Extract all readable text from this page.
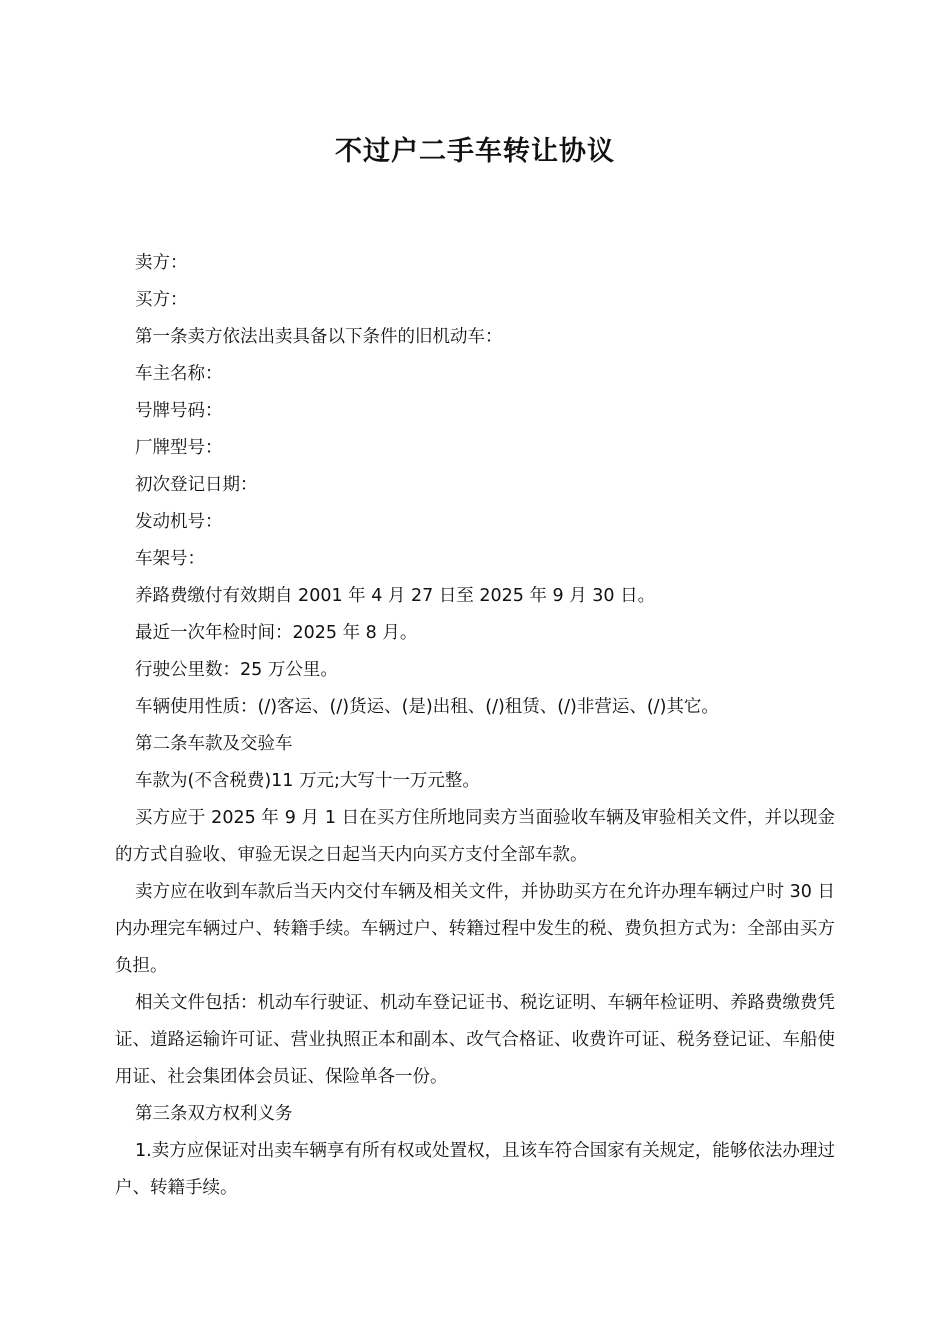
不过户二手车转让协议

卖方：

买方：

第一条卖方依法出卖具备以下条件的旧机动车：

车主名称：

号牌号码：

厂牌型号：

初次登记日期：

发动机号：

车架号：

养路费缴付有效期自 2001 年 4 月 27 日至 2025 年 9 月 30 日。

最近一次年检时间：2025 年 8 月。

行驶公里数：25 万公里。

车辆使用性质：(/)客运、(/)货运、(是)出租、(/)租赁、(/)非营运、(/)其它。

第二条车款及交验车

车款为(不含税费)11 万元;大写十一万元整。

买方应于 2025 年 9 月 1 日在买方住所地同卖方当面验收车辆及审验相关文件，并以现金的方式自验收、审验无误之日起当天内向买方支付全部车款。

卖方应在收到车款后当天内交付车辆及相关文件，并协助买方在允许办理车辆过户时 30 日内办理完车辆过户、转籍手续。车辆过户、转籍过程中发生的税、费负担方式为：全部由买方负担。

相关文件包括：机动车行驶证、机动车登记证书、税讫证明、车辆年检证明、养路费缴费凭证、道路运输许可证、营业执照正本和副本、改气合格证、收费许可证、税务登记证、车船使用证、社会集团体会员证、保险单各一份。

第三条双方权利义务

1.卖方应保证对出卖车辆享有所有权或处置权，且该车符合国家有关规定，能够依法办理过户、转籍手续。
